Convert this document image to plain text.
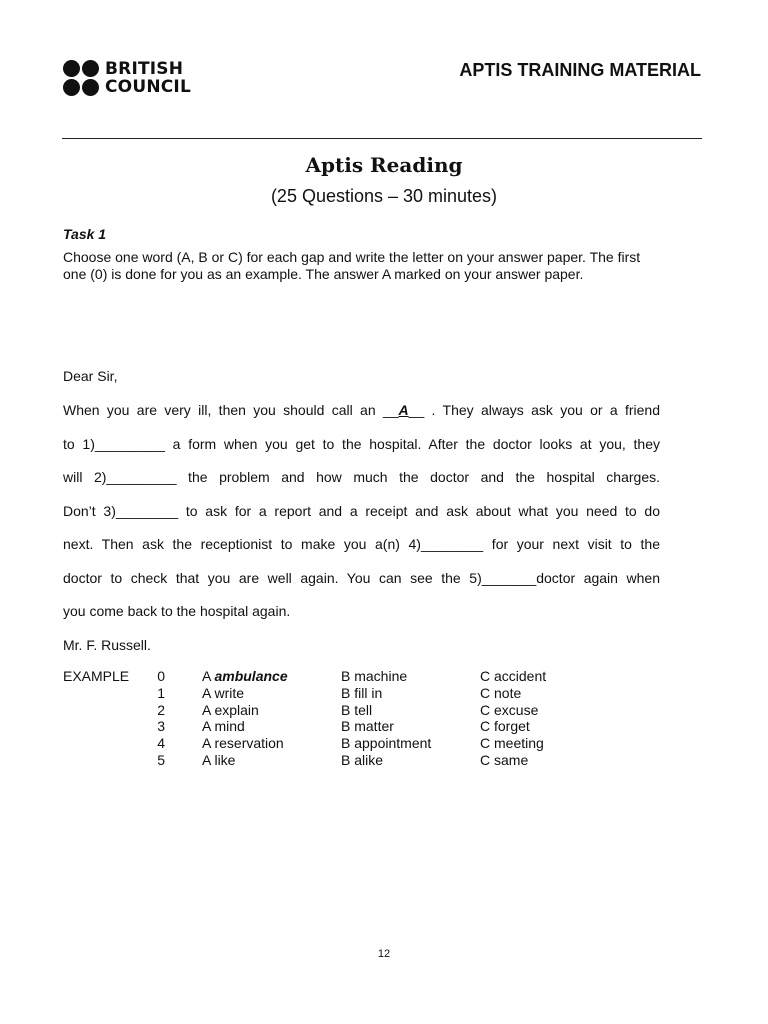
BRITISH
COUNCIL
APTIS TRAINING MATERIAL
Aptis Reading
(25 Questions – 30 minutes)
Task 1
Choose one word (A, B or C) for each gap and write the letter on your answer paper. The first one (0) is done for you as an example. The answer A marked on your answer paper.

Dear Sir,

When you are very ill, then you should call an __A__ . They always ask you or a friend

to 1)_________ a form when you get to the hospital. After the doctor looks at you, they

will 2)_________ the problem and how much the doctor and the hospital charges.

Don’t 3)________ to ask for a report and a receipt and ask about what you need to do

next. Then ask the receptionist to make you a(n) 4)________ for your next visit to the

doctor to check that you are well again. You can see the 5)_______doctor again when

you come back to the hospital again.

Mr. F. Russell.

EXAMPLE	0	A ambulance	B machine	C accident
1	A write	B fill in	C note
2	A explain	B tell	C excuse
3	A mind	B matter	C forget
4	A reservation	B appointment	C meeting
5	A like	B alike	C same
12
